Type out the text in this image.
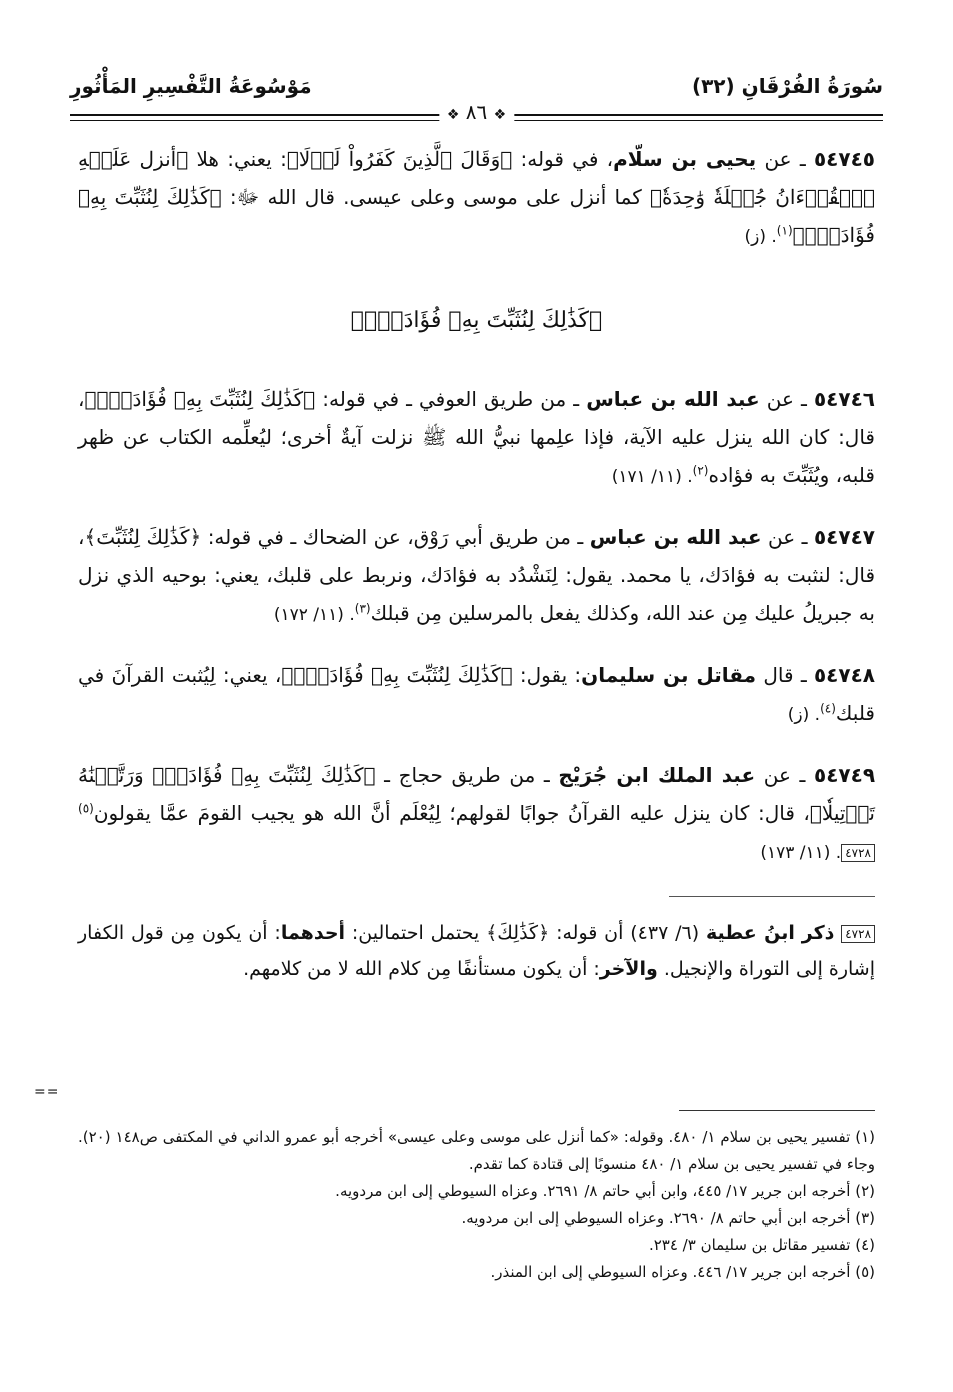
سُورَةُ الفُرْقَانِ (٣٢)
مَوْسُوعَةُ التَّفْسِيرِ المَأْثُورِ
❖ ٨٦ ❖

٥٤٧٤٥ ـ عن يحيى بن سلّام، في قوله: ﴿وَقَالَ ٱلَّذِينَ كَفَرُواْ لَوۡلَا﴾: يعني: هلا ﴿أنزل عَلَيۡهِ ٱلۡقُرۡءَانُ جُمۡلَةٗ وَٰحِدَةٗ﴾ كما أنزل على موسى وعلى عيسى. قال الله ﷻ: ﴿كَذَٰلِكَ لِنُثَبِّتَ بِهِۦ فُؤَادَكَۖ﴾$^{(١)}$. (ز)

﴿كَذَٰلِكَ لِنُثَبِّتَ بِهِۦ فُؤَادَكَۖ﴾

٥٤٧٤٦ ـ عن عبد الله بن عباس ـ من طريق العوفي ـ في قوله: ﴿كَذَٰلِكَ لِنُثَبِّتَ بِهِۦ فُؤَادَكَۖ﴾، قال: كان الله ينزل عليه الآية، فإذا علِمها نبيُّ الله ﷺ نزلت آيةٌ أخرى؛ ليُعلِّمه الكتاب عن ظهر قلبه، ويُثَبِّتَ به فؤاده$^{(٢)}$. (١١/ ١٧١)

٥٤٧٤٧ ـ عن عبد الله بن عباس ـ من طريق أبي رَوْق، عن الضحاك ـ في قوله: ﴿كَذَٰلِكَ لِنُثَبِّتَ﴾، قال: لنثبت به فؤادَك، يا محمد. يقول: لِنَشْدُد به فؤادَك، ونربط على قلبك، يعني: بوحيه الذي نزل به جبريلُ عليك مِن عند الله، وكذلك يفعل بالمرسلين مِن قبلك$^{(٣)}$. (١١/ ١٧٢)

٥٤٧٤٨ ـ قال مقاتل بن سليمان: يقول: ﴿كَذَٰلِكَ لِنُثَبِّتَ بِهِۦ فُؤَادَكَۖ﴾، يعني: لِيُثبت القرآنَ في قلبك$^{(٤)}$. (ز)

٥٤٧٤٩ ـ عن عبد الملك ابن جُرَيْج ـ من طريق حجاج ـ ﴿كَذَٰلِكَ لِنُثَبِّتَ بِهِۦ فُؤَادَكَۖ وَرَتَّلۡنَٰهُ تَرۡتِيلٗا﴾، قال: كان ينزل عليه القرآنُ جوابًا لقولهم؛ لِيُعْلَم أنَّ الله هو يجيب القومَ عمَّا يقولون$^{(٥)}$٤٧٢٨. (١١/ ١٧٣)

٤٧٢٨ ذكر ابنُ عطية (٦/ ٤٣٧) أن قوله: ﴿كَذَٰلِكَ﴾ يحتمل احتمالين: أحدهما: أن يكون مِن قول الكفار إشارة إلى التوراة والإنجيل. والآخر: أن يكون مستأنفًا مِن كلام الله لا من كلامهم.

==

(١) تفسير يحيى بن سلام ١/ ٤٨٠. وقوله: «كما أنزل على موسى وعلى عيسى» أخرجه أبو عمرو الداني في المكتفى ص١٤٨ (٢٠). وجاء في تفسير يحيى بن سلام ١/ ٤٨٠ منسوبًا إلى قتادة كما تقدم.

(٢) أخرجه ابن جرير ١٧/ ٤٤٥، وابن أبي حاتم ٨/ ٢٦٩١. وعزاه السيوطي إلى ابن مردويه.

(٣) أخرجه ابن أبي حاتم ٨/ ٢٦٩٠. وعزاه السيوطي إلى ابن مردويه.

(٤) تفسير مقاتل بن سليمان ٣/ ٢٣٤.

(٥) أخرجه ابن جرير ١٧/ ٤٤٦. وعزاه السيوطي إلى ابن المنذر.
